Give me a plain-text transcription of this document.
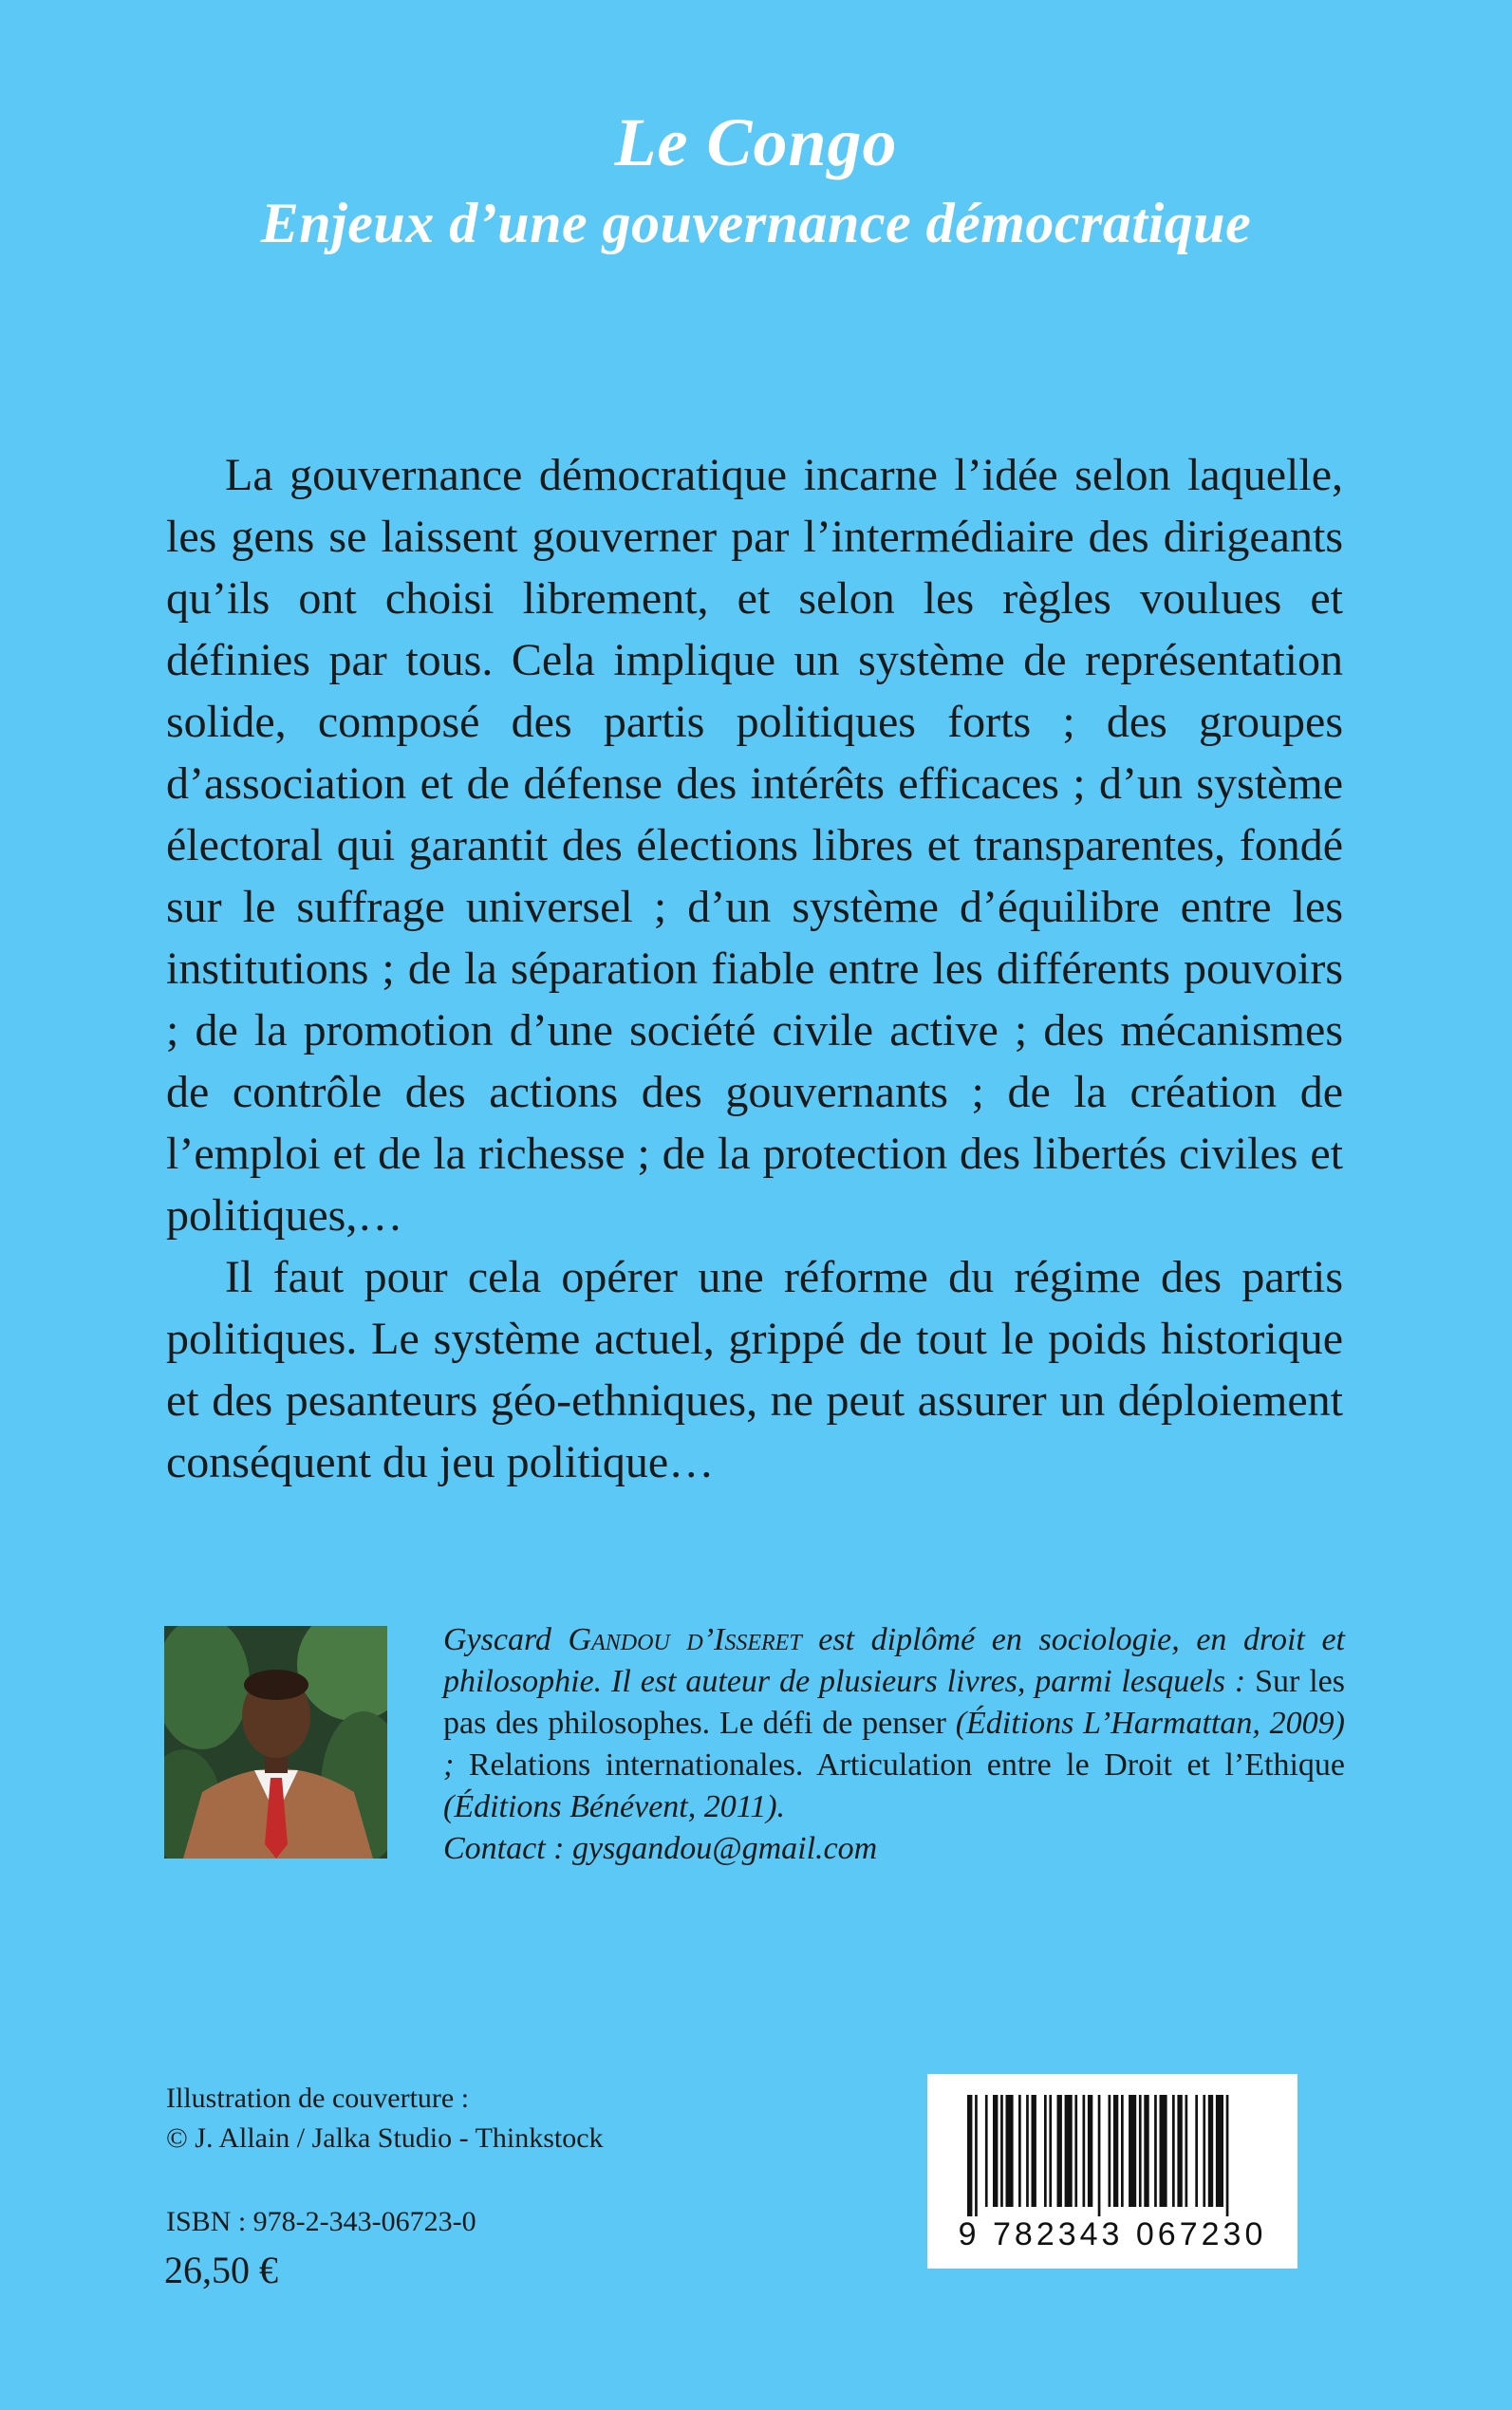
Le Congo
Enjeux d’une gouvernance démocratique

La gouvernance démocratique incarne l’idée selon laquelle, les gens se laissent gouverner par l’intermédiaire des dirigeants qu’ils ont choisi librement, et selon les règles voulues et définies par tous. Cela implique un système de représentation solide, composé des partis politiques forts ; des groupes d’association et de défense des intérêts efficaces ; d’un système électoral qui garantit des élections libres et transparentes, fondé sur le suffrage universel ; d’un système d’équilibre entre les institutions ; de la séparation fiable entre les différents pouvoirs ; de la promotion d’une société civile active ; des mécanismes de contrôle des actions des gouvernants ; de la création de l’emploi et de la richesse ; de la protection des libertés civiles et politiques,…

Il faut pour cela opérer une réforme du régime des partis politiques. Le système actuel, grippé de tout le poids historique et des pesanteurs géo-ethniques, ne peut assurer un déploiement conséquent du jeu politique…

Gyscard Gandou d’Isseret est diplômé en sociologie, en droit et philosophie. Il est auteur de plusieurs livres, parmi lesquels : Sur les pas des philosophes. Le défi de penser (Éditions L’Harmattan, 2009) ; Relations internationales. Articulation entre le Droit et l’Ethique (Éditions Bénévent, 2011).
Contact : gysgandou@gmail.com
Illustration de couverture :
© J. Allain / Jalka Studio - Thinkstock
ISBN : 978-2-343-06723-0
26,50 €
9 782343 067230
